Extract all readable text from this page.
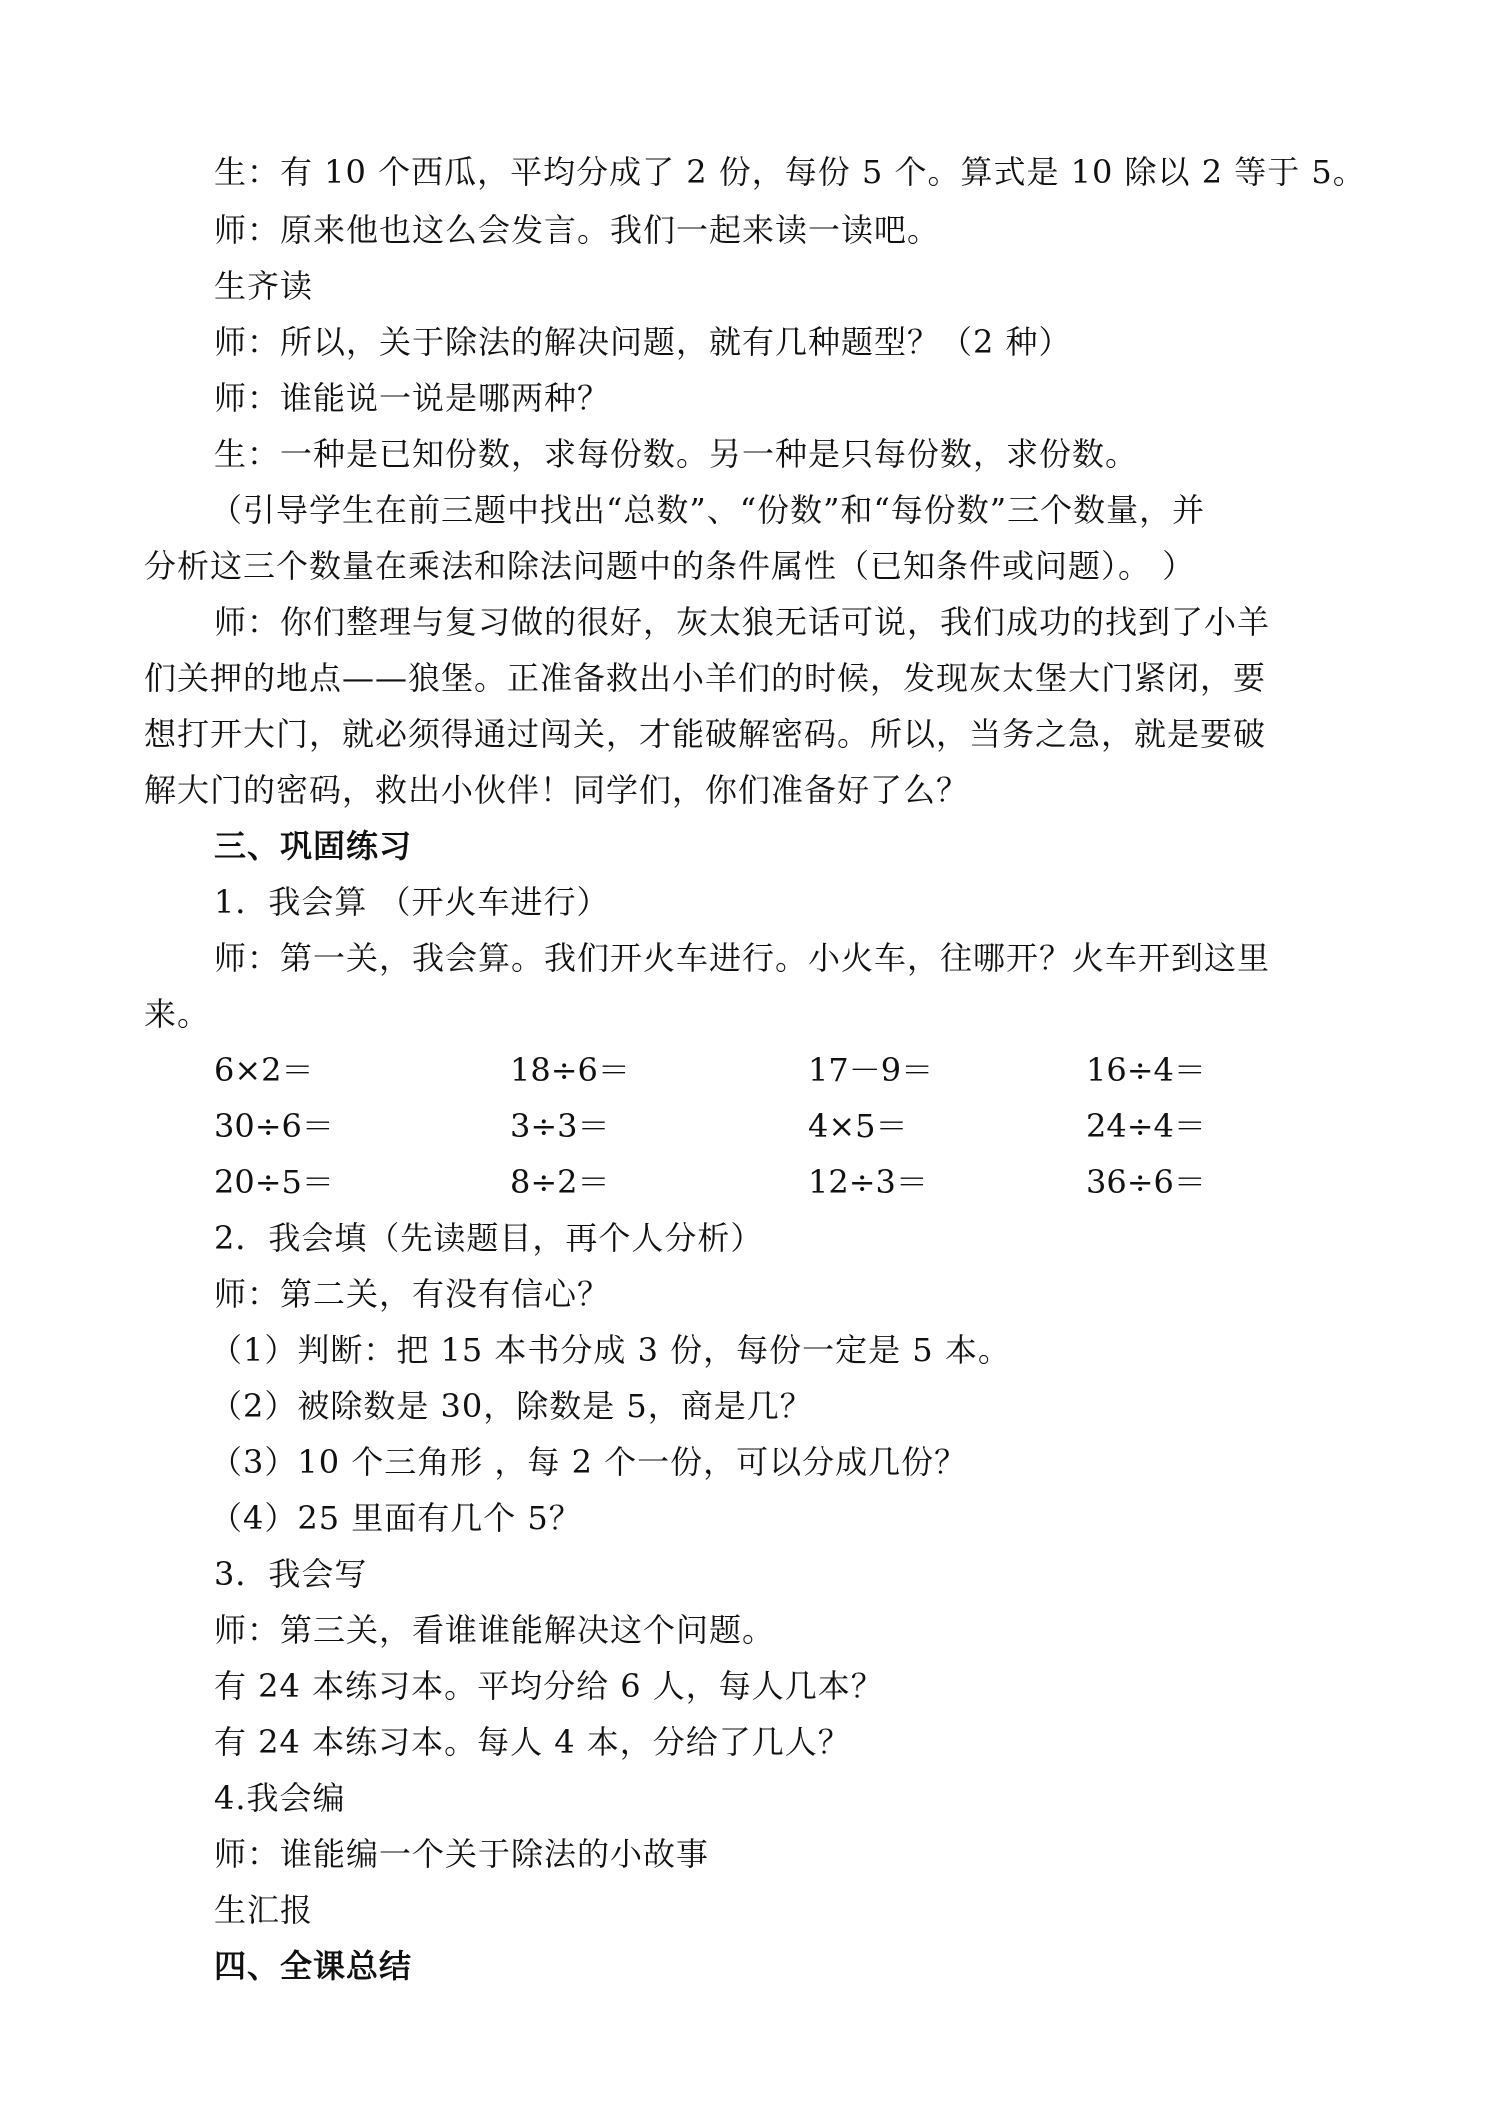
生：有 10 个西瓜，平均分成了 2 份，每份 5 个。算式是 10 除以 2 等于 5。
师：原来他也这么会发言。我们一起来读一读吧。
生齐读
师：所以，关于除法的解决问题，就有几种题型？（2 种）
师：谁能说一说是哪两种？
生：一种是已知份数，求每份数。另一种是只每份数，求份数。
（引导学生在前三题中找出“总数”、“份数”和“每份数”三个数量，并
分析这三个数量在乘法和除法问题中的条件属性（已知条件或问题）。 ）
师：你们整理与复习做的很好，灰太狼无话可说，我们成功的找到了小羊
们关押的地点——狼堡。正准备救出小羊们的时候，发现灰太堡大门紧闭，要
想打开大门，就必须得通过闯关，才能破解密码。所以，当务之急，就是要破
解大门的密码，救出小伙伴！同学们，你们准备好了么？
三、巩固练习
1．我会算 （开火车进行）
师：第一关，我会算。我们开火车进行。小火车，往哪开？火车开到这里
来。
6×2＝	18÷6＝	17－9＝	16÷4＝
30÷6＝	3÷3＝	4×5＝	24÷4＝
20÷5＝	8÷2＝	12÷3＝	36÷6＝
2．我会填（先读题目，再个人分析）
师：第二关，有没有信心？
（1）判断：把 15 本书分成 3 份，每份一定是 5 本。
（2）被除数是 30，除数是 5，商是几？
（3）10 个三角形 ，每 2 个一份，可以分成几份？
（4）25 里面有几个 5？
3．我会写
师：第三关，看谁谁能解决这个问题。
有 24 本练习本。平均分给 6 人，每人几本？
有 24 本练习本。每人 4 本，分给了几人？
4.我会编
师：谁能编一个关于除法的小故事
生汇报
四、全课总结
